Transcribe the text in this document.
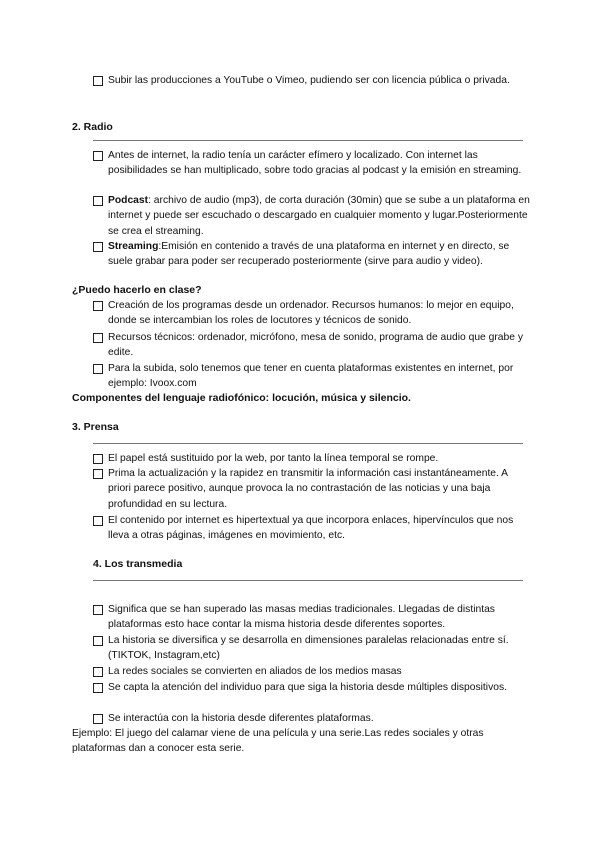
Subir las producciones a YouTube o Vimeo, pudiendo ser con licencia pública o privada.
2. Radio
Antes de internet, la radio tenía un carácter efímero y localizado. Con internet las posibilidades se han multiplicado, sobre todo gracias al podcast y la emisión en streaming.
Podcast: archivo de audio (mp3), de corta duración (30min) que se sube a un plataforma en internet y puede ser escuchado o descargado en cualquier momento y lugar.Posteriormente se crea el streaming.
Streaming:Emisión en contenido a través de una plataforma en internet y en directo, se suele grabar para poder ser recuperado posteriormente (sirve para audio y video).
¿Puedo hacerlo en clase?
Creación de los programas desde un ordenador. Recursos humanos: lo mejor en equipo, donde se intercambian los roles de locutores y técnicos de sonido.
Recursos técnicos: ordenador, micrófono, mesa de sonido, programa de audio que grabe y edite.
Para la subida, solo tenemos que tener en cuenta plataformas existentes en internet, por ejemplo: Ivoox.com
Componentes del lenguaje radiofónico: locución, música y silencio.
3. Prensa
El papel está sustituido por la web, por tanto la línea temporal se rompe.
Prima la actualización y la rapidez en transmitir la información casi instantáneamente. A priori parece positivo, aunque provoca la no contrastación de las noticias y una baja profundidad en su lectura.
El contenido por internet es hipertextual ya que incorpora enlaces, hipervínculos que nos lleva a otras páginas, imágenes en movimiento, etc.
4. Los transmedia
Significa que se han superado las masas medias tradicionales. Llegadas de distintas plataformas esto hace contar la misma historia desde diferentes soportes.
La historia se diversifica y se desarrolla en dimensiones paralelas relacionadas entre sí. (TIKTOK, Instagram,etc)
La redes sociales se convierten en aliados de los medios masas
Se capta la atención del individuo para que siga la historia desde múltiples dispositivos.
Se interactúa con la historia desde diferentes plataformas.
Ejemplo: El juego del calamar viene de una película y una serie.Las redes sociales y otras plataformas dan a conocer esta serie.
